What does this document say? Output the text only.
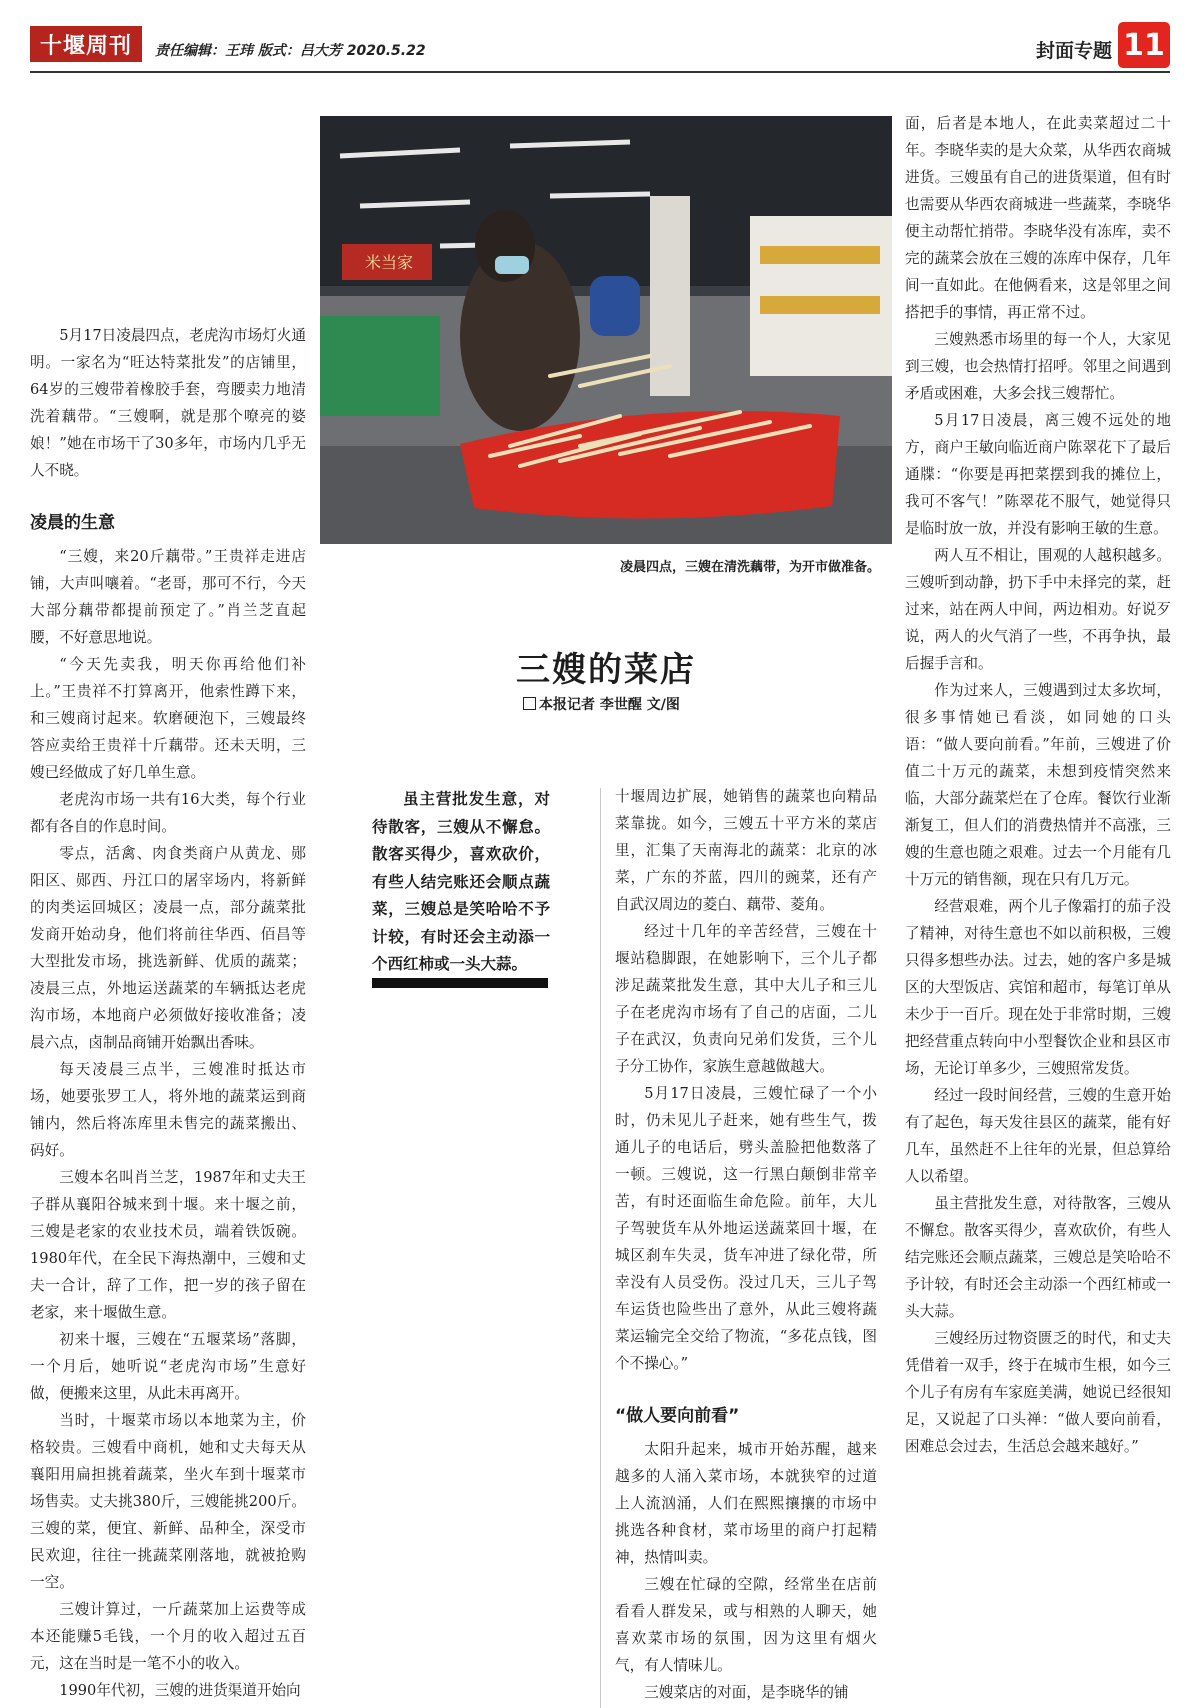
十堰周刊	责任编辑：王玮 版式：吕大芳 2020.5.22	封面专题 11

5月17日凌晨四点，老虎沟市场灯火通明。一家名为“旺达特菜批发”的店铺里，64岁的三嫂带着橡胶手套，弯腰卖力地清洗着藕带。“三嫂啊，就是那个嘹亮的婆娘！”她在市场干了30多年，市场内几乎无人不晓。

凌晨的生意

“三嫂，来20斤藕带。”王贵祥走进店铺，大声叫嚷着。“老哥，那可不行，今天大部分藕带都提前预定了。”肖兰芝直起腰，不好意思地说。

“今天先卖我，明天你再给他们补上。”王贵祥不打算离开，他索性蹲下来，和三嫂商讨起来。软磨硬泡下，三嫂最终答应卖给王贵祥十斤藕带。还未天明，三嫂已经做成了好几单生意。

老虎沟市场一共有16大类，每个行业都有各自的作息时间。

零点，活禽、肉食类商户从黄龙、郧阳区、郧西、丹江口的屠宰场内，将新鲜的肉类运回城区；凌晨一点，部分蔬菜批发商开始动身，他们将前往华西、佰昌等大型批发市场，挑选新鲜、优质的蔬菜；凌晨三点，外地运送蔬菜的车辆抵达老虎沟市场，本地商户必须做好接收准备；凌晨六点，卤制品商铺开始飘出香味。

每天凌晨三点半，三嫂准时抵达市场，她要张罗工人，将外地的蔬菜运到商铺内，然后将冻库里未售完的蔬菜搬出、码好。

三嫂本名叫肖兰芝，1987年和丈夫王子群从襄阳谷城来到十堰。来十堰之前，三嫂是老家的农业技术员，端着铁饭碗。1980年代，在全民下海热潮中，三嫂和丈夫一合计，辞了工作，把一岁的孩子留在老家，来十堰做生意。

初来十堰，三嫂在“五堰菜场”落脚，一个月后，她听说“老虎沟市场”生意好做，便搬来这里，从此未再离开。

当时，十堰菜市场以本地菜为主，价格较贵。三嫂看中商机，她和丈夫每天从襄阳用扁担挑着蔬菜，坐火车到十堰菜市场售卖。丈夫挑380斤，三嫂能挑200斤。三嫂的菜，便宜、新鲜、品种全，深受市民欢迎，往往一挑蔬菜刚落地，就被抢购一空。

三嫂计算过，一斤蔬菜加上运费等成本还能赚5毛钱，一个月的收入超过五百元，这在当时是一笔不小的收入。

1990年代初，三嫂的进货渠道开始向

米当家
凌晨四点，三嫂在清洗藕带，为开市做准备。
三嫂的菜店
本报记者 李世醒 文/图
虽主营批发生意，对待散客，三嫂从不懈怠。散客买得少，喜欢砍价，有些人结完账还会顺点蔬菜，三嫂总是笑哈哈不予计较，有时还会主动添一个西红柿或一头大蒜。

十堰周边扩展，她销售的蔬菜也向精品菜靠拢。如今，三嫂五十平方米的菜店里，汇集了天南海北的蔬菜：北京的冰菜，广东的芥蓝，四川的豌菜，还有产自武汉周边的菱白、藕带、菱角。

经过十几年的辛苦经营，三嫂在十堰站稳脚跟，在她影响下，三个儿子都涉足蔬菜批发生意，其中大儿子和三儿子在老虎沟市场有了自己的店面，二儿子在武汉，负责向兄弟们发货，三个儿子分工协作，家族生意越做越大。

5月17日凌晨，三嫂忙碌了一个小时，仍未见儿子赶来，她有些生气，拨通儿子的电话后，劈头盖脸把他数落了一顿。三嫂说，这一行黑白颠倒非常辛苦，有时还面临生命危险。前年，大儿子驾驶货车从外地运送蔬菜回十堰，在城区刹车失灵，货车冲进了绿化带，所幸没有人员受伤。没过几天，三儿子驾车运货也险些出了意外，从此三嫂将蔬菜运输完全交给了物流，“多花点钱，图个不操心。”

“做人要向前看”

太阳升起来，城市开始苏醒，越来越多的人涌入菜市场，本就狭窄的过道上人流汹涌，人们在熙熙攘攘的市场中挑选各种食材，菜市场里的商户打起精神，热情叫卖。

三嫂在忙碌的空隙，经常坐在店前看看人群发呆，或与相熟的人聊天，她喜欢菜市场的氛围，因为这里有烟火气，有人情味儿。

三嫂菜店的对面，是李晓华的铺

面，后者是本地人，在此卖菜超过二十年。李晓华卖的是大众菜，从华西农商城进货。三嫂虽有自己的进货渠道，但有时也需要从华西农商城进一些蔬菜，李晓华便主动帮忙捎带。李晓华没有冻库，卖不完的蔬菜会放在三嫂的冻库中保存，几年间一直如此。在他俩看来，这是邻里之间搭把手的事情，再正常不过。

三嫂熟悉市场里的每一个人，大家见到三嫂，也会热情打招呼。邻里之间遇到矛盾或困难，大多会找三嫂帮忙。

5月17日凌晨，离三嫂不远处的地方，商户王敏向临近商户陈翠花下了最后通牒：“你要是再把菜摆到我的摊位上，我可不客气！”陈翠花不服气，她觉得只是临时放一放，并没有影响王敏的生意。

两人互不相让，围观的人越积越多。三嫂听到动静，扔下手中未择完的菜，赶过来，站在两人中间，两边相劝。好说歹说，两人的火气消了一些，不再争执，最后握手言和。

作为过来人，三嫂遇到过太多坎坷，很多事情她已看淡，如同她的口头语：“做人要向前看。”年前，三嫂进了价值二十万元的蔬菜，未想到疫情突然来临，大部分蔬菜烂在了仓库。餐饮行业渐渐复工，但人们的消费热情并不高涨，三嫂的生意也随之艰难。过去一个月能有几十万元的销售额，现在只有几万元。

经营艰难，两个儿子像霜打的茄子没了精神，对待生意也不如以前积极，三嫂只得多想些办法。过去，她的客户多是城区的大型饭店、宾馆和超市，每笔订单从未少于一百斤。现在处于非常时期，三嫂把经营重点转向中小型餐饮企业和县区市场，无论订单多少，三嫂照常发货。

经过一段时间经营，三嫂的生意开始有了起色，每天发往县区的蔬菜，能有好几车，虽然赶不上往年的光景，但总算给人以希望。

虽主营批发生意，对待散客，三嫂从不懈怠。散客买得少，喜欢砍价，有些人结完账还会顺点蔬菜，三嫂总是笑哈哈不予计较，有时还会主动添一个西红柿或一头大蒜。

三嫂经历过物资匮乏的时代，和丈夫凭借着一双手，终于在城市生根，如今三个儿子有房有车家庭美满，她说已经很知足，又说起了口头禅：“做人要向前看，困难总会过去，生活总会越来越好。”
